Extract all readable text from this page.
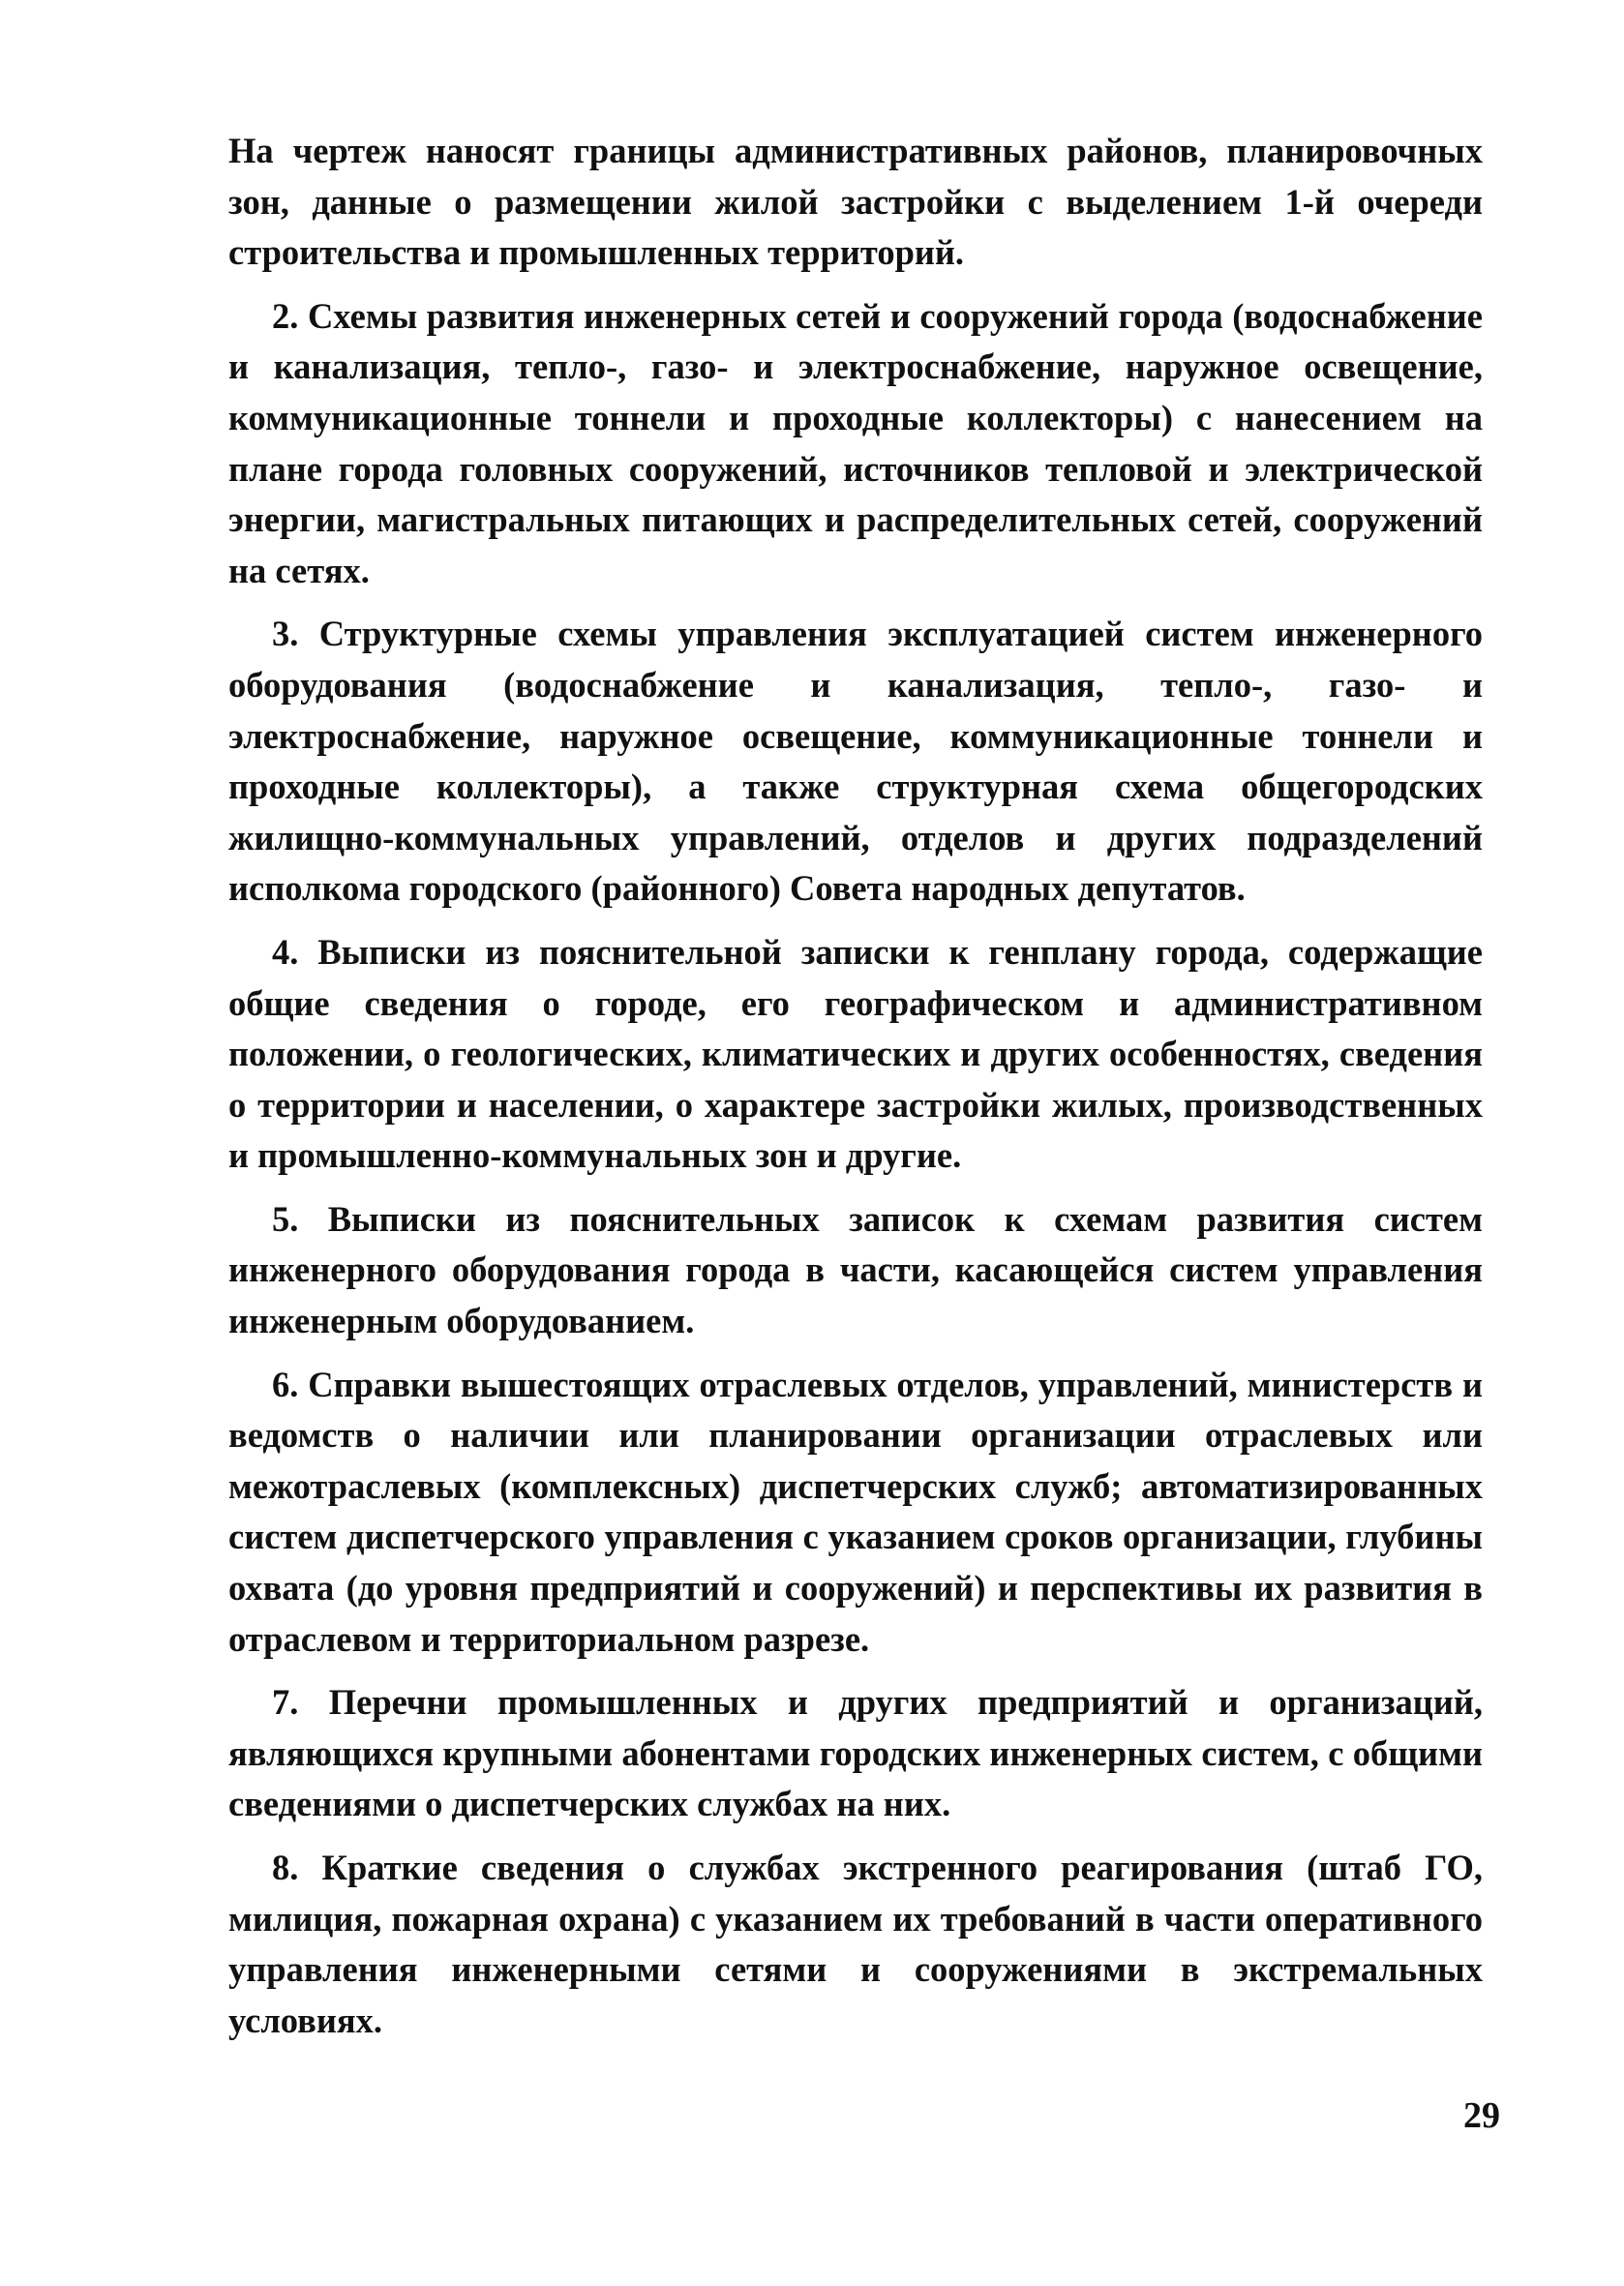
На чертеж наносят границы административных районов, планировочных зон, данные о размещении жилой застройки с выделением 1-й очереди строительства и промышленных территорий.

2. Схемы развития инженерных сетей и сооружений города (водоснабжение и канализация, тепло-, газо- и электроснабжение, наружное освещение, коммуникационные тоннели и проходные коллекторы) с нанесением на плане города головных сооружений, источников тепловой и электрической энергии, магистральных питающих и распределительных сетей, сооружений на сетях.

3. Структурные схемы управления эксплуатацией систем инженерного оборудования (водоснабжение и канализация, тепло-, газо- и электроснабжение, наружное освещение, коммуникационные тоннели и проходные коллекторы), а также структурная схема общегородских жилищно-коммунальных управлений, отделов и других подразделений исполкома городского (районного) Совета народных депутатов.

4. Выписки из пояснительной записки к генплану города, содержащие общие сведения о городе, его географическом и административном положении, о геологических, климатических и других особенностях, сведения о территории и населении, о характере застройки жилых, производственных и промышленно-коммунальных зон и другие.

5. Выписки из пояснительных записок к схемам развития систем инженерного оборудования города в части, касающейся систем управления инженерным оборудованием.

6. Справки вышестоящих отраслевых отделов, управлений, министерств и ведомств о наличии или планировании организации отраслевых или межотраслевых (комплексных) диспетчерских служб; автоматизированных систем диспетчерского управления с указанием сроков организации, глубины охвата (до уровня предприятий и сооружений) и перспективы их развития в отраслевом и территориальном разрезе.

7. Перечни промышленных и других предприятий и организаций, являющихся крупными абонентами городских инженерных систем, с общими сведениями о диспетчерских службах на них.

8. Краткие сведения о службах экстренного реагирования (штаб ГО, милиция, пожарная охрана) с указанием их требований в части оперативного управления инженерными сетями и сооружениями в экстремальных условиях.

29
